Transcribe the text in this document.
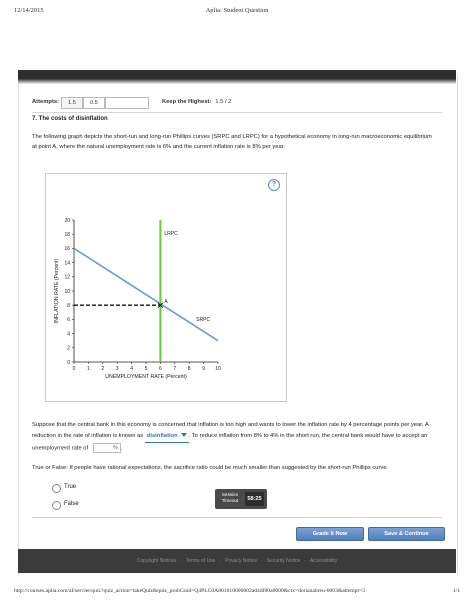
12/14/2015	Aplia: Student Question
Attempts:	1.5	0.5	Keep the Highest: 1.5 / 2
7. The costs of disinflation
The following graph depicts the short-run and long-run Phillips curves (SRPC and LRPC) for a hypothetical economy in long-run macroeconomic equilibrium at point A, where the natural unemployment rate is 6% and the current inflation rate is 8% per year.
?
0
2
4
6
8
10
12
14
16
18
20
0 1 2 3 4 5 6 7 8 9 10
UNEMPLOYMENT RATE (Percent)
INFLATION RATE (Percent)
LRPC
SRPC
A
Suppose that the central bank in this economy is concerned that inflation is too high and wants to lower the inflation rate by 4 percentage points per year. A reduction in the rate of inflation is known as disinflation . To reduce inflation from 8% to 4% in the short run, the central bank would have to accept an unemployment rate of	% .
True or False: If people have rational expectations, the sacrifice ratio could be much smaller than suggested by the short-run Phillips curve.
True
False
Session Timeout	58:25
Grade It Now	Save & Continue
Copyright Notices · Terms of Use · Privacy Notice · Security Notice · Accessibility
http://courses.aplia.com/af/servlet/quiz?quiz_action=takeQuiz&quiz_probGuid=Q4PLC0A801010000002ad4df00a0000&ctx=dorianabreu-0003&attempt=3	1/1
